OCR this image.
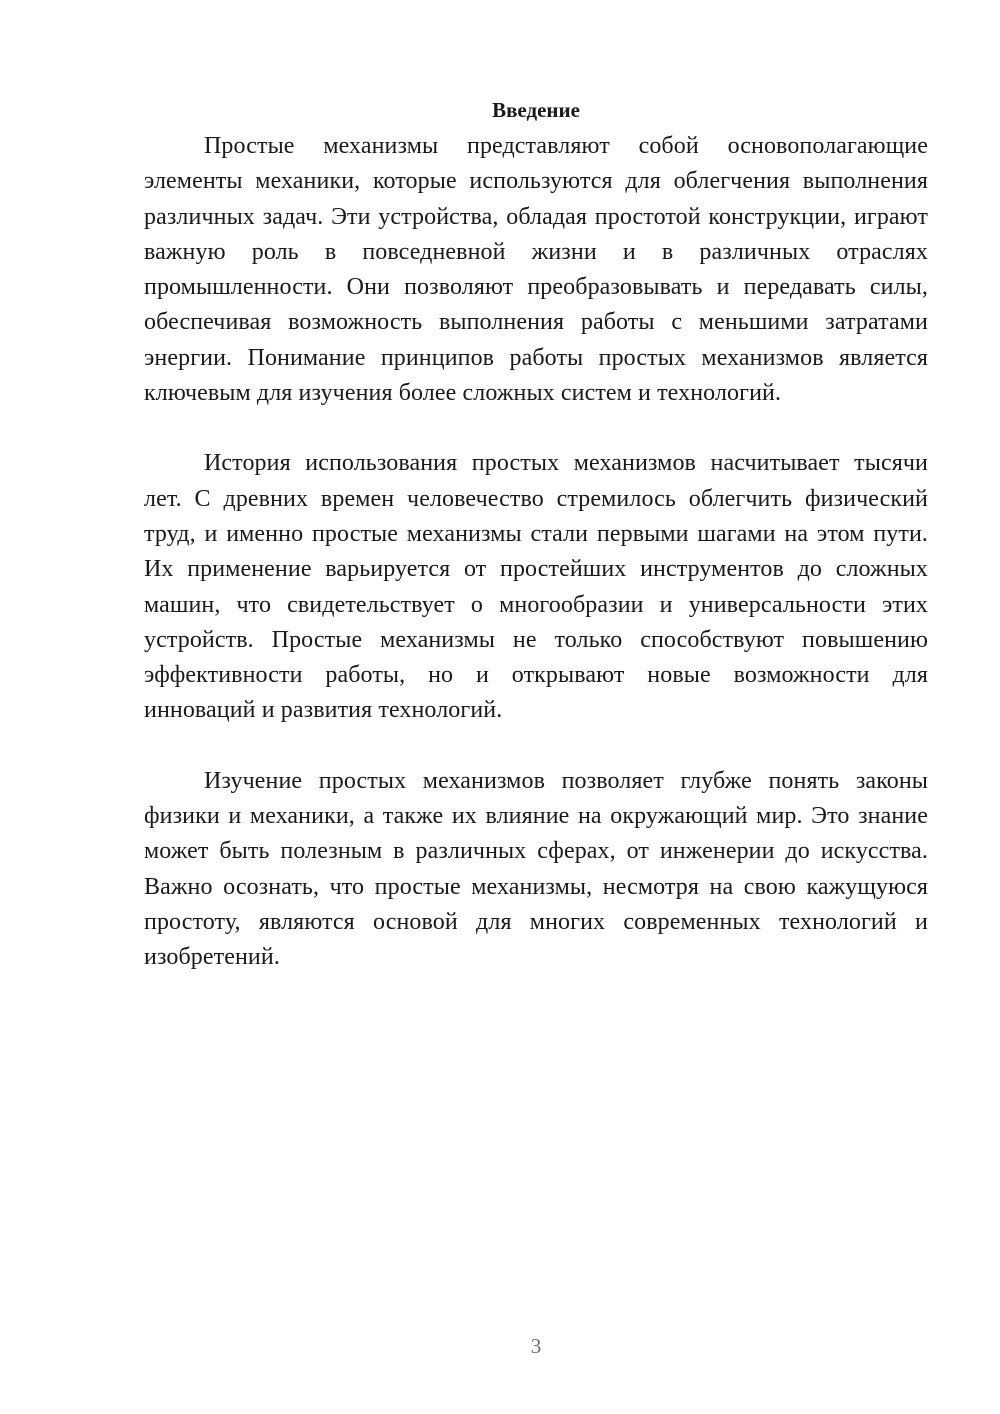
Введение

Простые механизмы представляют собой основополагающие элементы механики, которые используются для облегчения выполнения различных задач. Эти устройства, обладая простотой конструкции, играют важную роль в повседневной жизни и в различных отраслях промышленности. Они позволяют преобразовывать и передавать силы, обеспечивая возможность выполнения работы с меньшими затратами энергии. Понимание принципов работы простых механизмов является ключевым для изучения более сложных систем и технологий.

История использования простых механизмов насчитывает тысячи лет. С древних времен человечество стремилось облегчить физический труд, и именно простые механизмы стали первыми шагами на этом пути. Их применение варьируется от простейших инструментов до сложных машин, что свидетельствует о многообразии и универсальности этих устройств. Простые механизмы не только способствуют повышению эффективности работы, но и открывают новые возможности для инноваций и развития технологий.

Изучение простых механизмов позволяет глубже понять законы физики и механики, а также их влияние на окружающий мир. Это знание может быть полезным в различных сферах, от инженерии до искусства. Важно осознать, что простые механизмы, несмотря на свою кажущуюся простоту, являются основой для многих современных технологий и изобретений.

3
